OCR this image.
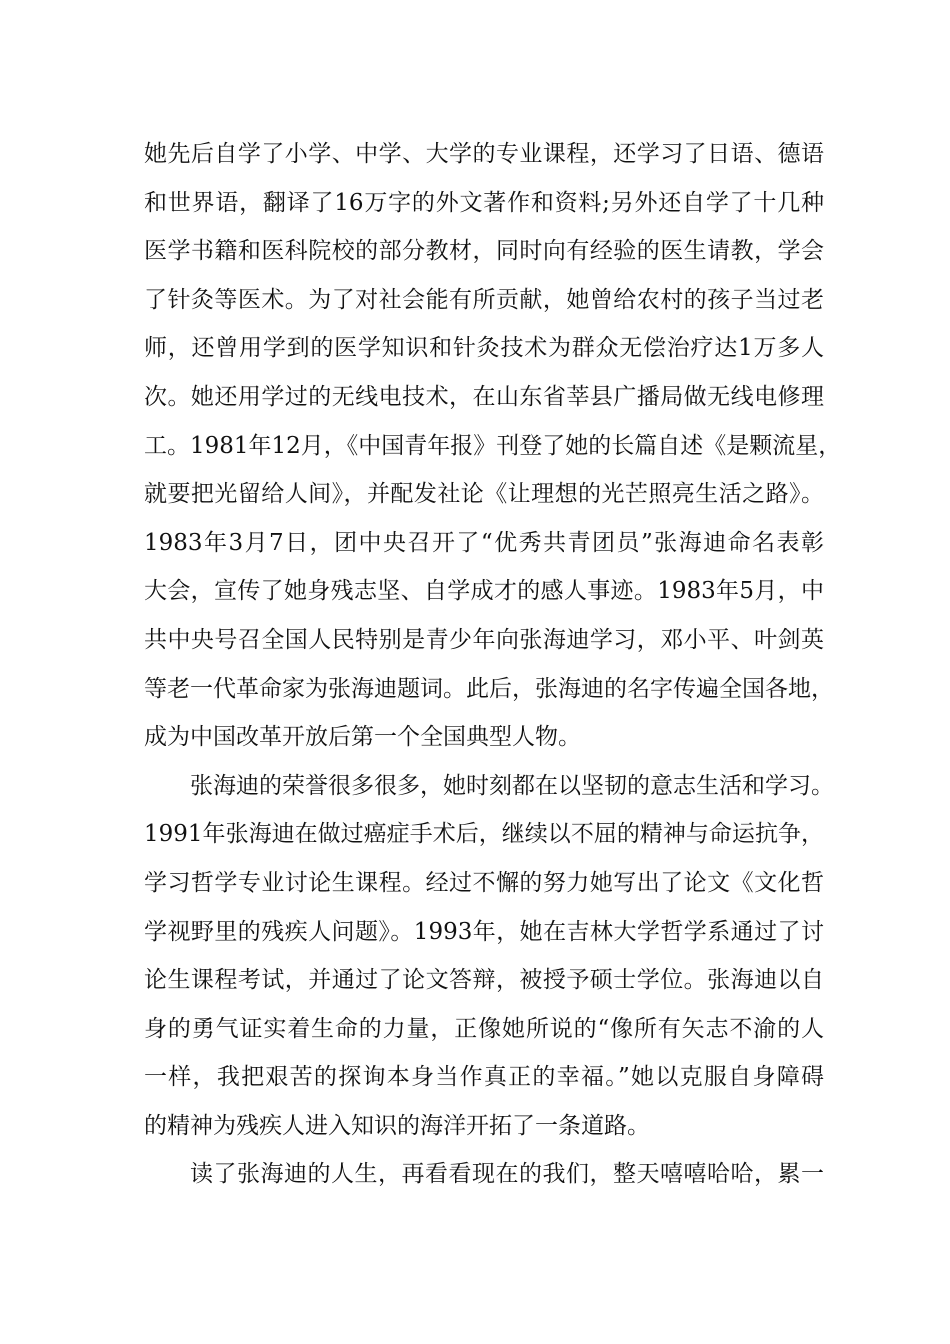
她先后自学了小学、中学、大学的专业课程，还学习了日语、德语
和世界语，翻译了16万字的外文著作和资料;另外还自学了十几种
医学书籍和医科院校的部分教材，同时向有经验的医生请教，学会
了针灸等医术。为了对社会能有所贡献，她曾给农村的孩子当过老
师，还曾用学到的医学知识和针灸技术为群众无偿治疗达1万多人
次。她还用学过的无线电技术，在山东省莘县广播局做无线电修理
工。1981年12月，《中国青年报》刊登了她的长篇自述《是颗流星，
就要把光留给人间》，并配发社论《让理想的光芒照亮生活之路》。
1983年3月7日，团中央召开了“优秀共青团员”张海迪命名表彰
大会，宣传了她身残志坚、自学成才的感人事迹。1983年5月，中
共中央号召全国人民特别是青少年向张海迪学习，邓小平、叶剑英
等老一代革命家为张海迪题词。此后，张海迪的名字传遍全国各地，
成为中国改革开放后第一个全国典型人物。
张海迪的荣誉很多很多，她时刻都在以坚韧的意志生活和学习。
1991年张海迪在做过癌症手术后，继续以不屈的精神与命运抗争，
学习哲学专业讨论生课程。经过不懈的努力她写出了论文《文化哲
学视野里的残疾人问题》。1993年，她在吉林大学哲学系通过了讨
论生课程考试，并通过了论文答辩，被授予硕士学位。张海迪以自
身的勇气证实着生命的力量，正像她所说的“像所有矢志不渝的人
一样，我把艰苦的探询本身当作真正的幸福。”她以克服自身障碍
的精神为残疾人进入知识的海洋开拓了一条道路。
读了张海迪的人生，再看看现在的我们，整天嘻嘻哈哈，累一
